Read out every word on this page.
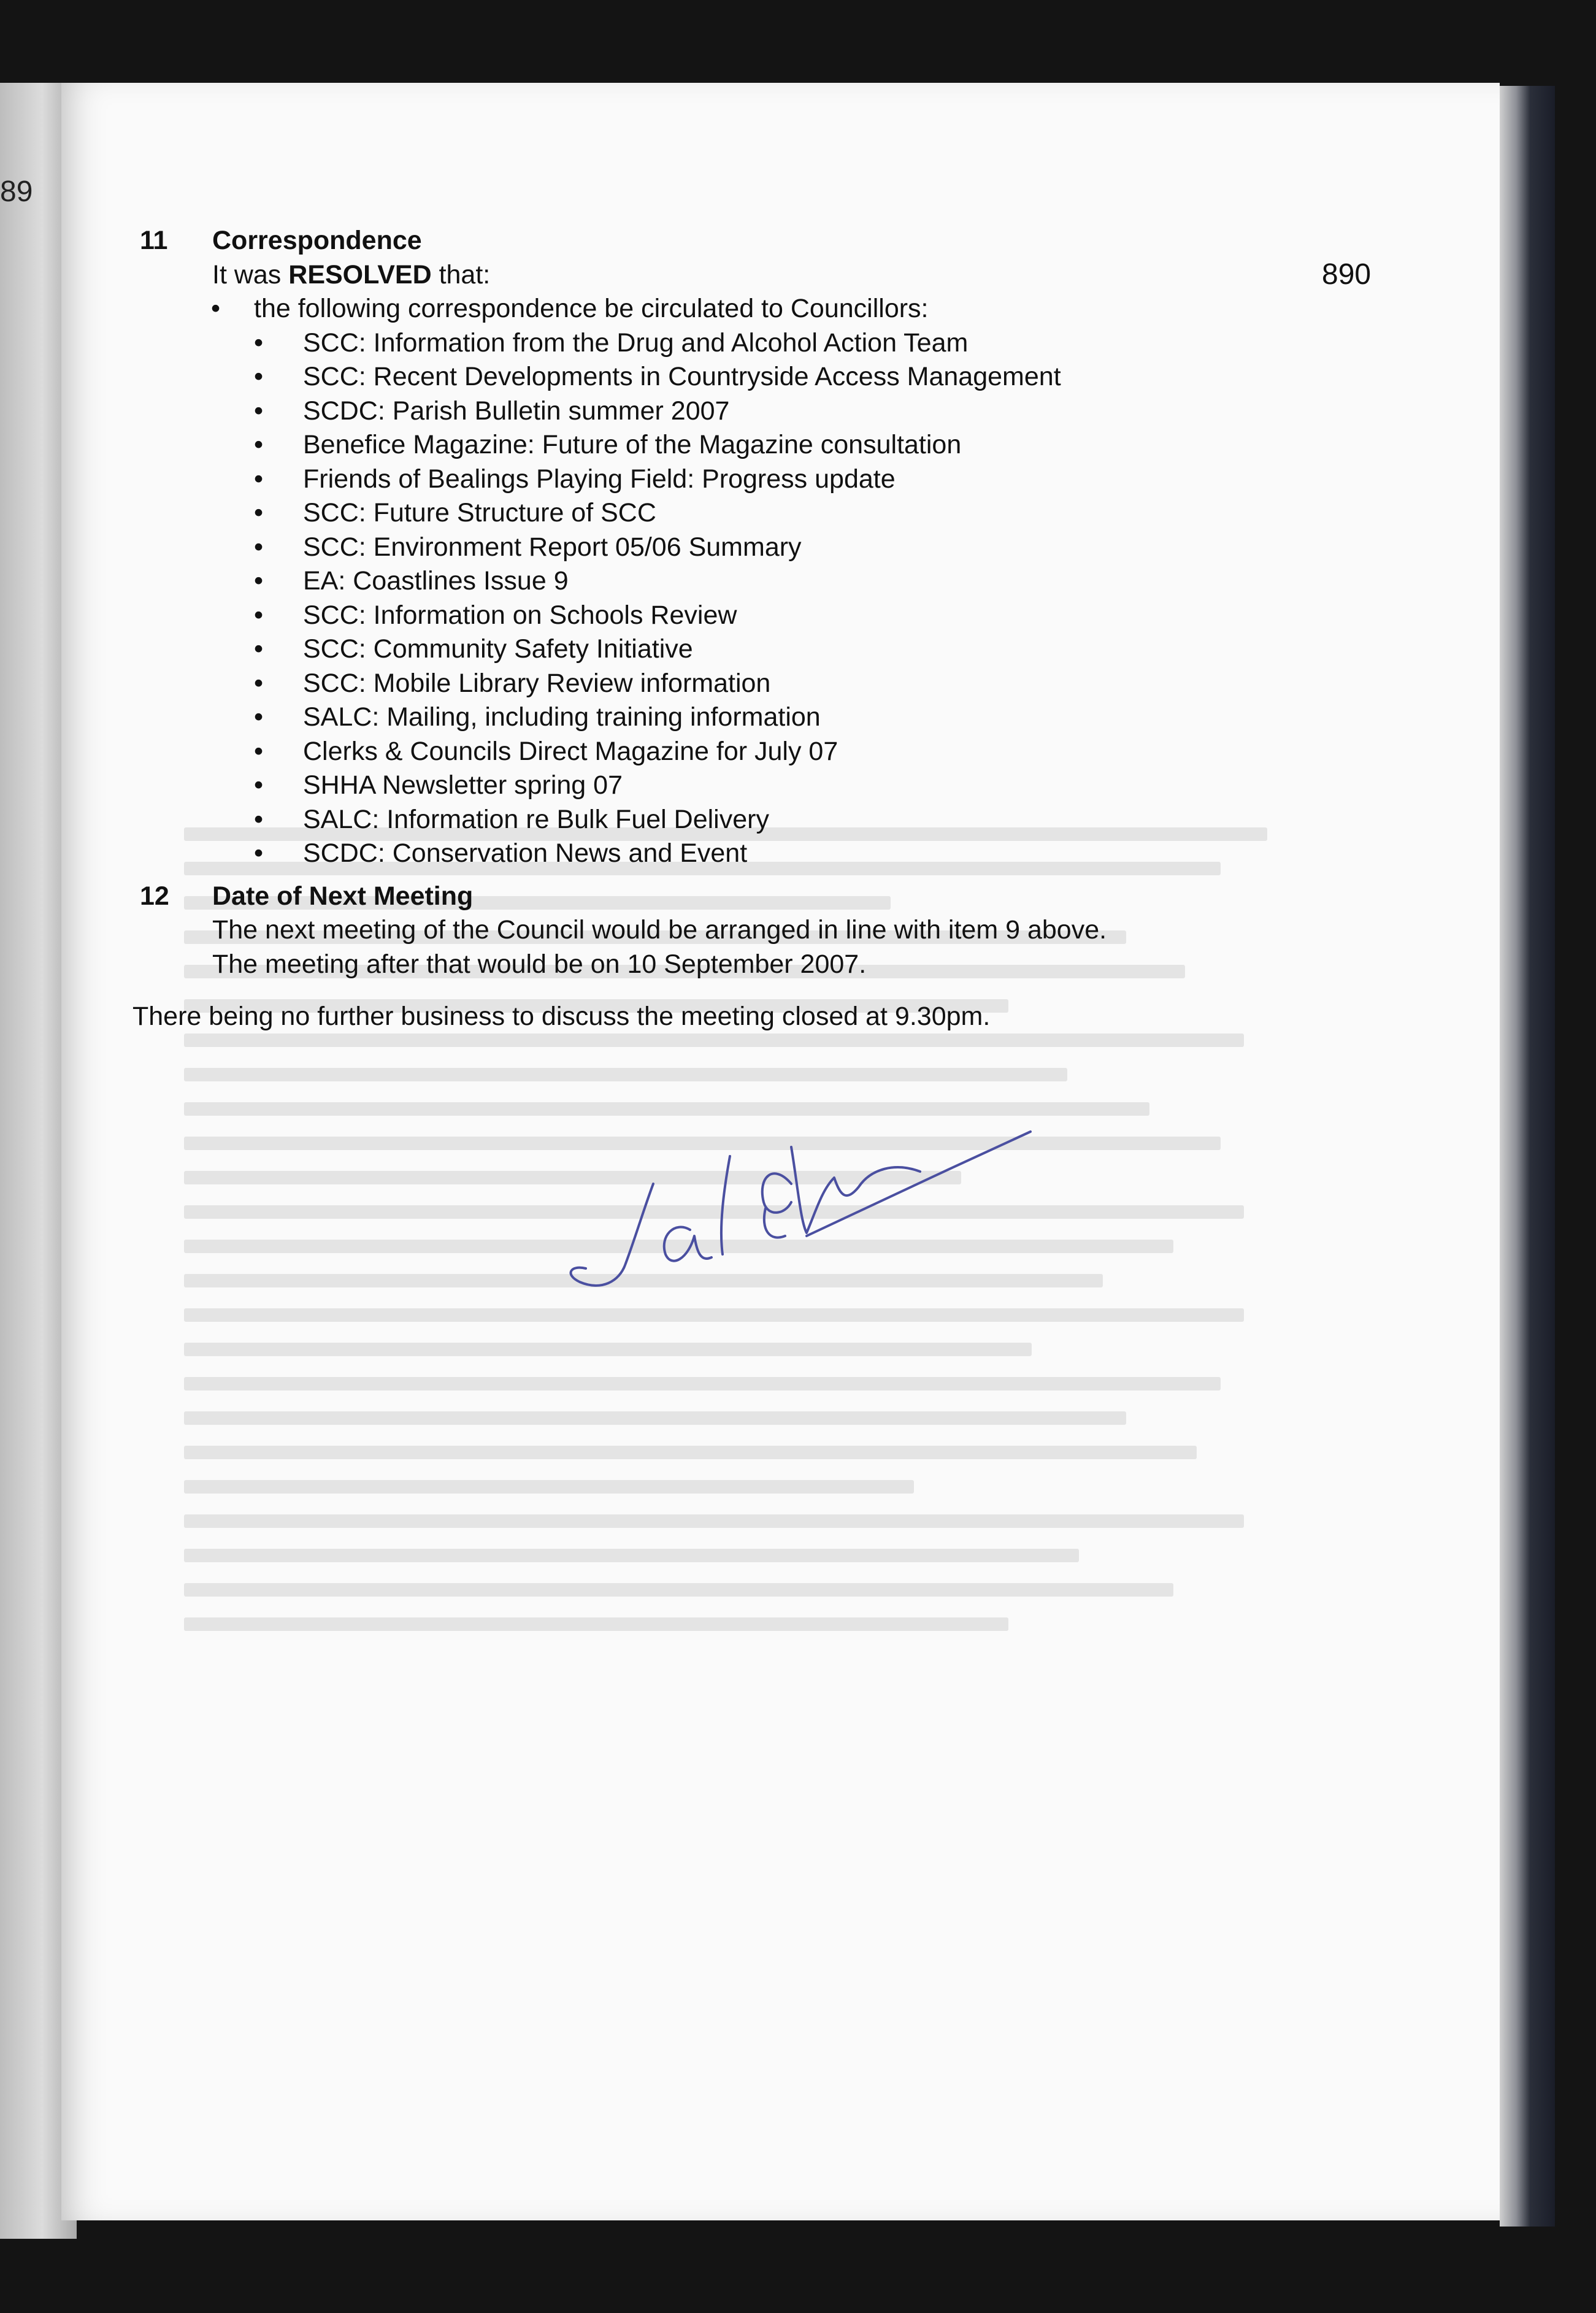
89
890
11	Correspondence
It was RESOLVED that:
• the following correspondence be circulated to Councillors:
• SCC: Information from the Drug and Alcohol Action Team
• SCC: Recent Developments in Countryside Access Management
• SCDC: Parish Bulletin summer 2007
• Benefice Magazine: Future of the Magazine consultation
• Friends of Bealings Playing Field: Progress update
• SCC: Future Structure of SCC
• SCC: Environment Report 05/06 Summary
• EA: Coastlines Issue 9
• SCC: Information on Schools Review
• SCC: Community Safety Initiative
• SCC: Mobile Library Review information
• SALC: Mailing, including training information
• Clerks & Councils Direct Magazine for July 07
• SHHA Newsletter spring 07
• SALC: Information re Bulk Fuel Delivery
• SCDC: Conservation News and Event
12	Date of Next Meeting
The next meeting of the Council would be arranged in line with item 9 above.
The meeting after that would be on 10 September 2007.
There being no further business to discuss the meeting closed at 9.30pm.
